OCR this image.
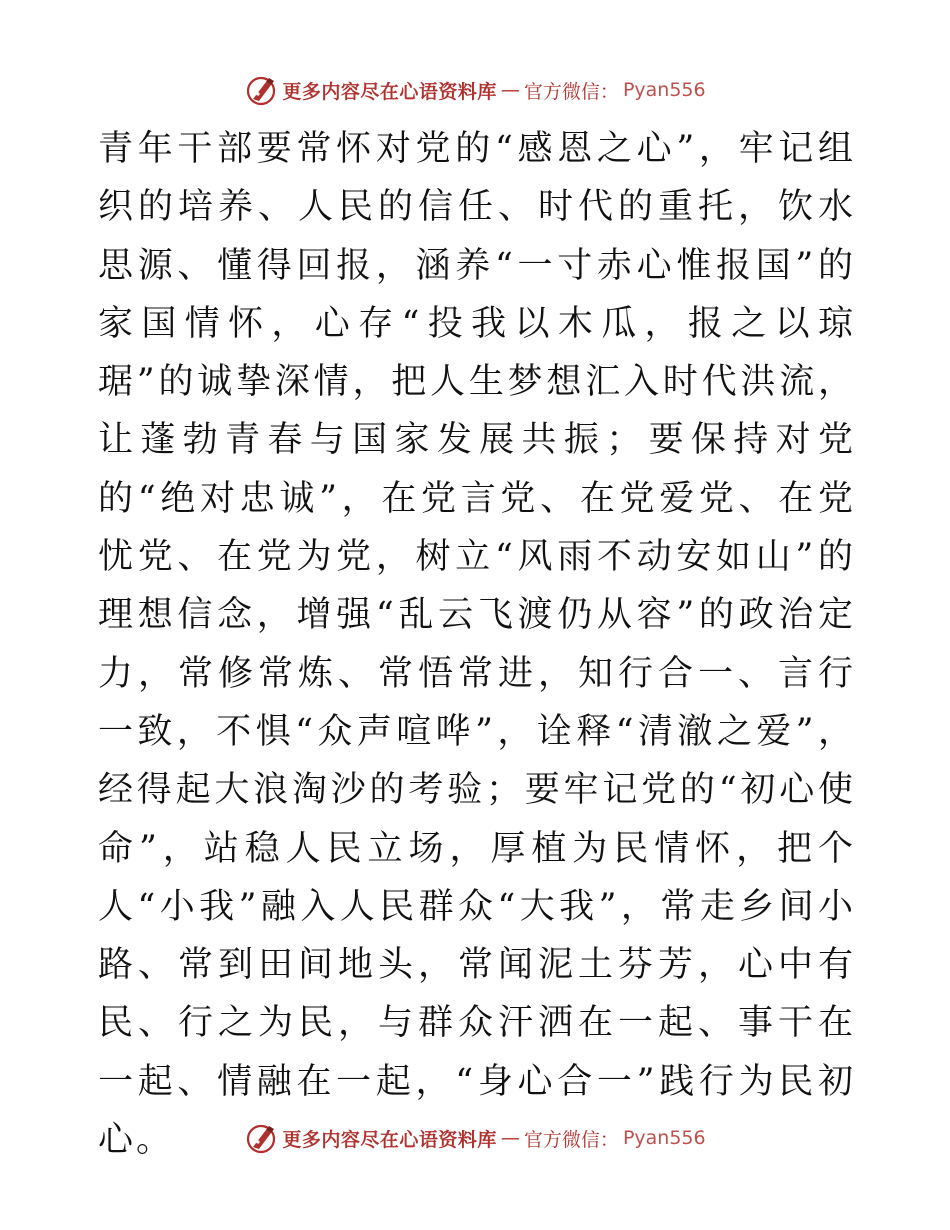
更多内容尽在心语资料库 — 官方微信： Pyan556

青年干部要常怀对党的“感恩之心”，牢记组织的培养、人民的信任、时代的重托，饮水思源、懂得回报，涵养“一寸赤心惟报国”的家国情怀，心存“投我以木瓜，报之以琼琚”的诚挚深情，把人生梦想汇入时代洪流，让蓬勃青春与国家发展共振；要保持对党的“绝对忠诚”，在党言党、在党爱党、在党忧党、在党为党，树立“风雨不动安如山”的理想信念，增强“乱云飞渡仍从容”的政治定力，常修常炼、常悟常进，知行合一、言行一致，不惧“众声喧哗”，诠释“清澈之爱”，经得起大浪淘沙的考验；要牢记党的“初心使命”，站稳人民立场，厚植为民情怀，把个人“小我”融入人民群众“大我”，常走乡间小路、常到田间地头，常闻泥土芬芳，心中有民、行之为民，与群众汗洒在一起、事干在一起、情融在一起，“身心合一”践行为民初心。	更多内容尽在心语资料库 — 官方微信： Pyan556
